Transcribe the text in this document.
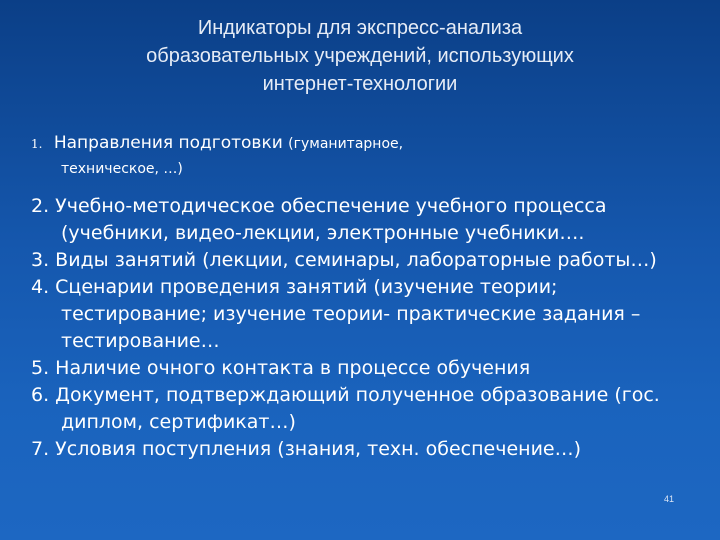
Индикаторы для экспресс-анализа
образовательных учреждений, использующих
интернет-технологии
1. Направления подготовки (гуманитарное,
техническое, …)

2. Учебно-методическое обеспечение учебного процесса (учебники, видео-лекции, электронные учебники….

3. Виды занятий (лекции, семинары, лабораторные работы…)

4. Сценарии проведения занятий (изучение теории; тестирование; изучение теории- практические задания – тестирование…

5. Наличие очного контакта в процессе обучения

6. Документ, подтверждающий полученное образование (гос. диплом, сертификат…)

7. Условия поступления (знания, техн. обеспечение…)

41
